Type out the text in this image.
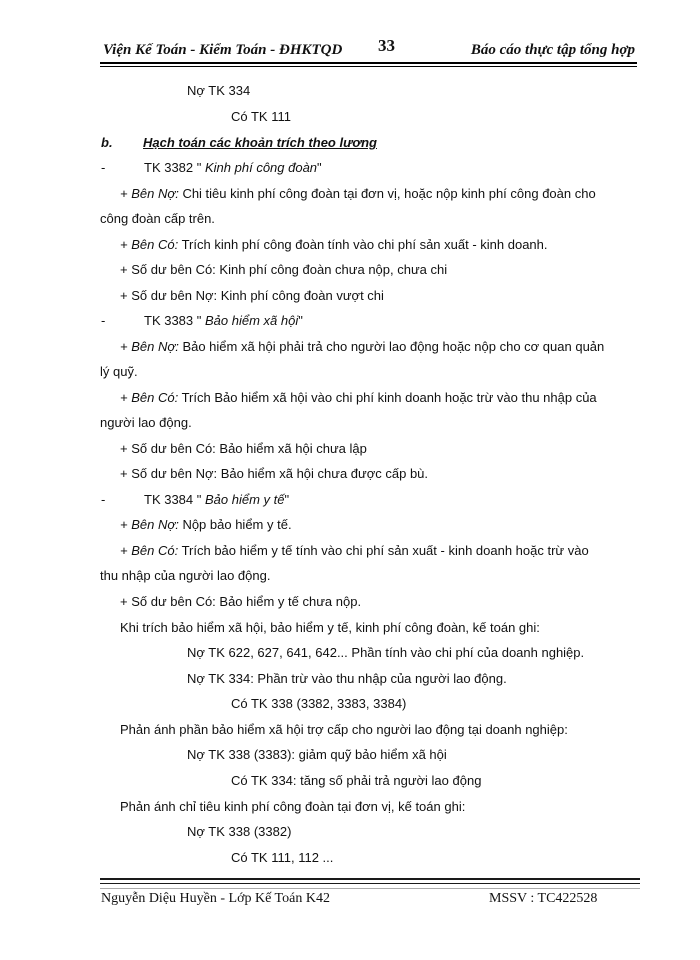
Viện Kế Toán - Kiểm Toán - ĐHKTQD 33	Báo cáo thực tập tổng hợp
Nợ TK 334
Có TK 111
b. Hạch toán các khoản trích theo lương
-	TK 3382 " Kinh phí công đoàn"
+ Bên Nợ: Chi tiêu kinh phí công đoàn tại đơn vị, hoặc nộp kinh phí công đoàn cho
công đoàn cấp trên.
+ Bên Có: Trích kinh phí công đoàn tính vào chi phí sản xuất - kinh doanh.
+ Số dư bên Có: Kinh phí công đoàn chưa nộp, chưa chi
+ Số dư bên Nợ: Kinh phí công đoàn vượt chi
-	TK 3383 " Bảo hiểm xã hội"
+ Bên Nợ: Bảo hiểm xã hội phải trả cho người lao động hoặc nộp cho cơ quan quản
lý quỹ.
+ Bên Có: Trích Bảo hiểm xã hội vào chi phí kinh doanh hoặc trừ vào thu nhập của
người lao động.
+ Số dư bên Có: Bảo hiểm xã hội chưa lập
+ Số dư bên Nợ: Bảo hiểm xã hội chưa được cấp bù.
-	TK 3384 " Bảo hiểm y tế"
+ Bên Nợ: Nộp bảo hiểm y tế.
+ Bên Có: Trích bảo hiểm y tế tính vào chi phí sản xuất - kinh doanh hoặc trừ vào
thu nhập của người lao động.
+ Số dư bên Có: Bảo hiểm y tế chưa nộp.
Khi trích bảo hiểm xã hội, bảo hiểm y tế, kinh phí công đoàn, kế toán ghi:
Nợ TK 622, 627, 641, 642... Phần tính vào chi phí của doanh nghiệp.
Nợ TK 334: Phần trừ vào thu nhập của người lao động.
Có TK 338 (3382, 3383, 3384)
Phản ánh phần bảo hiểm xã hội trợ cấp cho người lao động tại doanh nghiệp:
Nợ TK 338 (3383): giảm quỹ bảo hiểm xã hội
Có TK 334: tăng số phải trả người lao động
Phản ánh chỉ tiêu kinh phí công đoàn tại đơn vị, kế toán ghi:
Nợ TK 338 (3382)
Có TK 111, 112 ...
Nguyễn Diệu Huyền - Lớp Kế Toán K42	MSSV : TC422528
